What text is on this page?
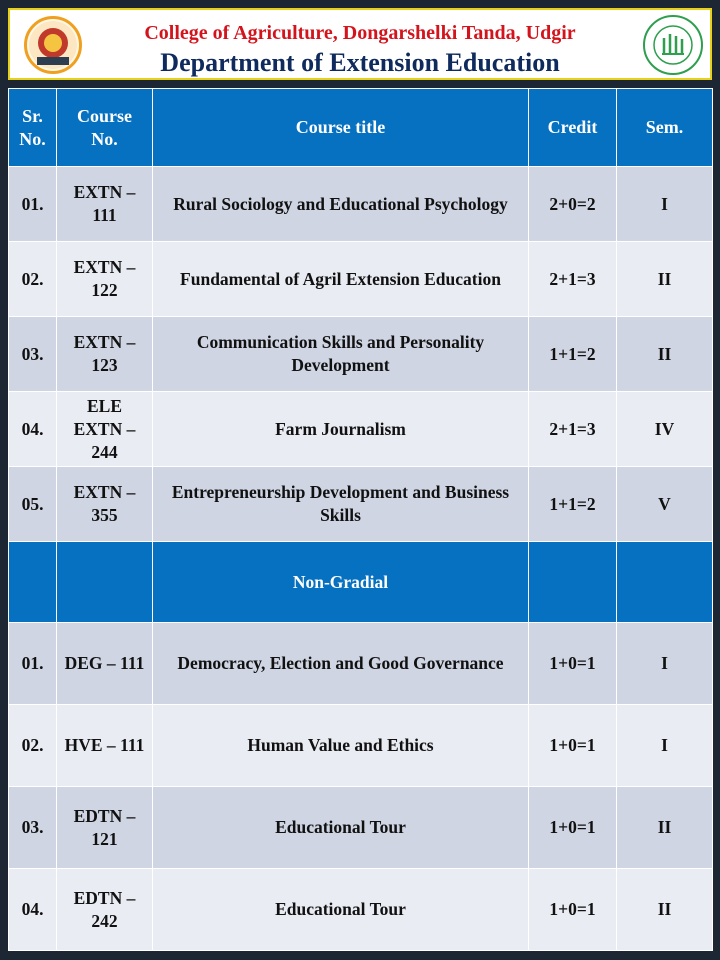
College of Agriculture, Dongarshelki Tanda, Udgir
Department of Extension Education
Sr. No.	Course No.	Course title	Credit	Sem.
01.	EXTN – 111	Rural Sociology and Educational Psychology	2+0=2	I
02.	EXTN – 122	Fundamental of Agril Extension Education	2+1=3	II
03.	EXTN – 123	Communication Skills and Personality Development	1+1=2	II
04.	ELE EXTN – 244	Farm Journalism	2+1=3	IV
05.	EXTN – 355	Entrepreneurship Development and Business Skills	1+1=2	V
		Non-Gradial		
01.	DEG – 111	Democracy, Election and Good Governance	1+0=1	I
02.	HVE – 111	Human Value and Ethics	1+0=1	I
03.	EDTN – 121	Educational Tour	1+0=1	II
04.	EDTN – 242	Educational Tour	1+0=1	II
